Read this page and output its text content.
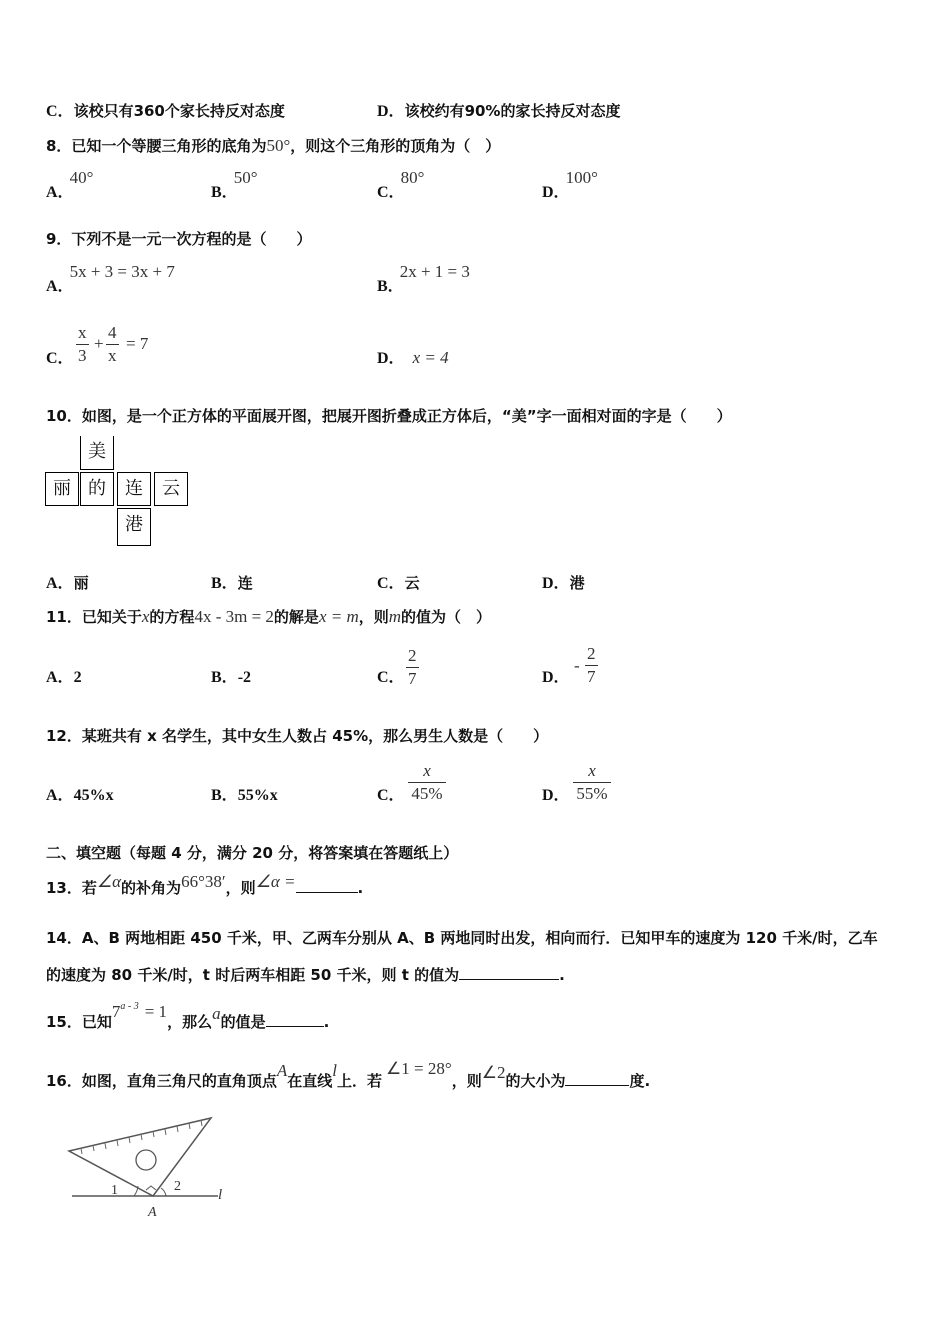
C．该校只有360个家长持反对态度	D．该校约有90%的家长持反对态度
8．已知一个等腰三角形的底角为50°，则这个三角形的顶角为（　）
A．40°
B．50°
C．80°
D．100°
9．下列不是一元一次方程的是（　　）
A．5x + 3 = 3x + 7
B．2x + 1 = 3
C． $\frac{x}{3} + \frac{4}{x} = 7$
D． x = 4
10．如图，是一个正方体的平面展开图，把展开图折叠成正方体后，“美”字一面相对面的字是（　　）
美
丽 的	连	云
港
A．丽	B．连	C．云	D．港
11．已知关于x的方程4x - 3m = 2的解是x = m，则m的值为（　）
A．2	B．-2	C． $\frac{2}{7}$	D．
- $\frac{2}{7}$
12．某班共有 x 名学生，其中女生人数占 45%，那么男生人数是（　　）
A．45%x	B．55%x	C． $\frac{x}{45\%}$	D． $\frac{x}{55\%}$
二、填空题（每题 4 分，满分 20 分，将答案填在答题纸上）
13．若∠α的补角为66°38′，则∠α =	.
14．A、B 两地相距 450 千米，甲、乙两车分别从 A、B 两地同时出发，相向而行．已知甲车的速度为 120 千米/时，乙车
的速度为 80 千米/时，t 时后两车相距 50 千米，则 t 的值为	.
15．已知$7^{a - 3} = 1$，那么a的值是	.
16．如图，直角三角尺的直角顶点A在直线l上．若∠1 = 28°，则∠2的大小为	度.
1	2
A
l
